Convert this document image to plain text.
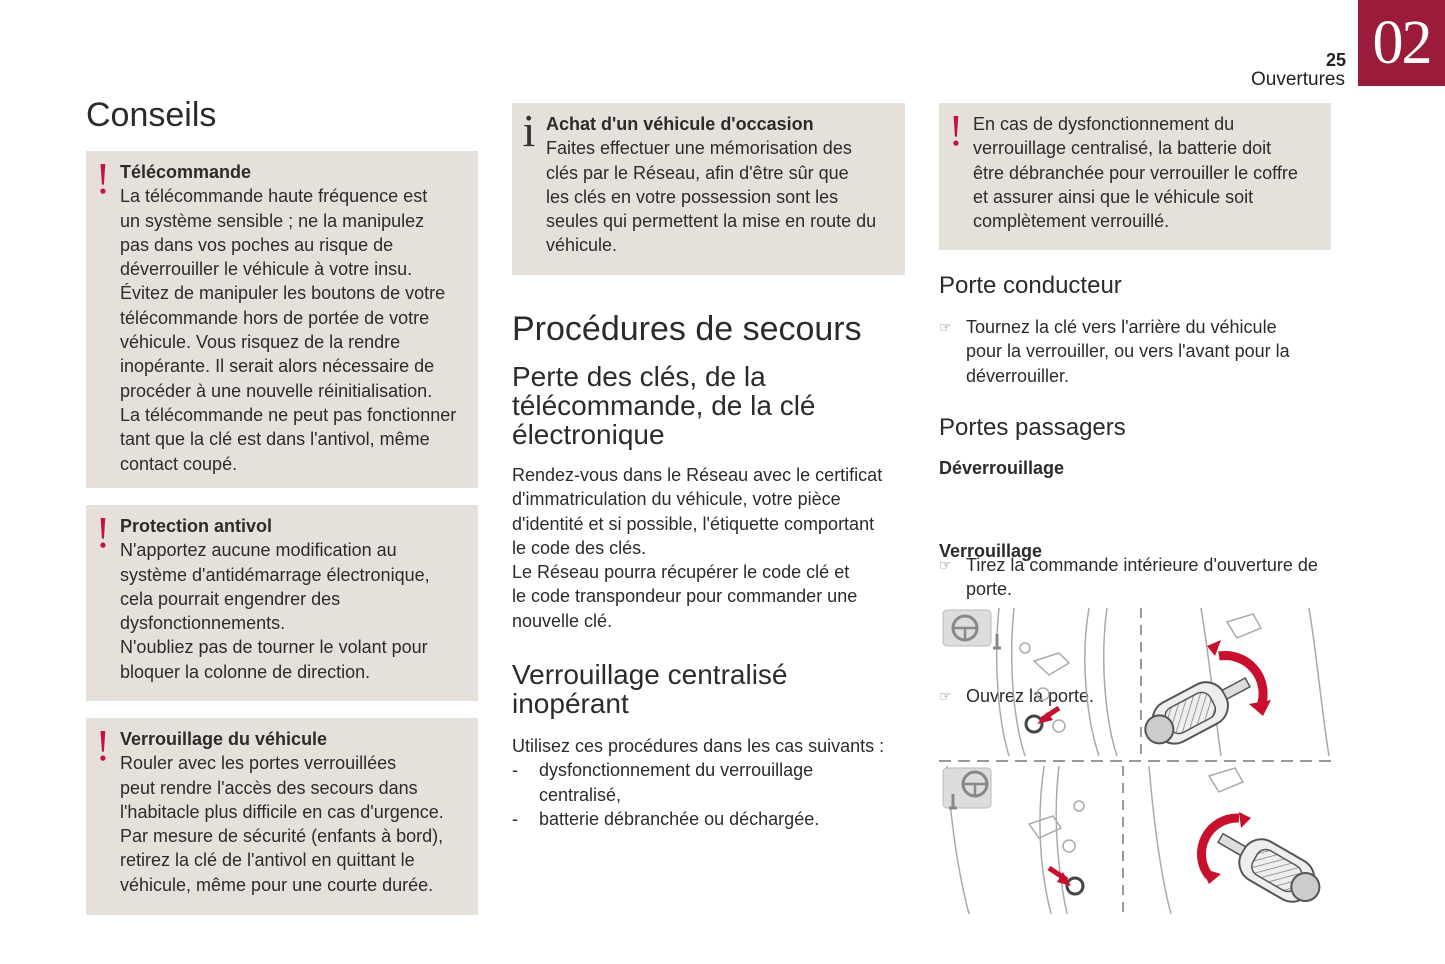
25
Ouvertures
02
Conseils
! Télécommande
La télécommande haute fréquence est
un système sensible ; ne la manipulez
pas dans vos poches au risque de
déverrouiller le véhicule à votre insu.
Évitez de manipuler les boutons de votre
télécommande hors de portée de votre
véhicule. Vous risquez de la rendre
inopérante. Il serait alors nécessaire de
procéder à une nouvelle réinitialisation.
La télécommande ne peut pas fonctionner
tant que la clé est dans l'antivol, même
contact coupé.
! Protection antivol
N'apportez aucune modification au
système d'antidémarrage électronique,
cela pourrait engendrer des
dysfonctionnements.
N'oubliez pas de tourner le volant pour
bloquer la colonne de direction.
! Verrouillage du véhicule
Rouler avec les portes verrouillées
peut rendre l'accès des secours dans
l'habitacle plus difficile en cas d'urgence.
Par mesure de sécurité (enfants à bord),
retirez la clé de l'antivol en quittant le
véhicule, même pour une courte durée.
i Achat d'un véhicule d'occasion
Faites effectuer une mémorisation des
clés par le Réseau, afin d'être sûr que
les clés en votre possession sont les
seules qui permettent la mise en route du
véhicule.
Procédures de secours
Perte des clés, de la
télécommande, de la clé
électronique
Rendez-vous dans le Réseau avec le certificat
d'immatriculation du véhicule, votre pièce
d'identité et si possible, l'étiquette comportant
le code des clés.
Le Réseau pourra récupérer le code clé et
le code transpondeur pour commander une
nouvelle clé.
Verrouillage centralisé
inopérant
Utilisez ces procédures dans les cas suivants :
- dysfonctionnement du verrouillage
centralisé,
- batterie débranchée ou déchargée.
! En cas de dysfonctionnement du
verrouillage centralisé, la batterie doit
être débranchée pour verrouiller le coffre
et assurer ainsi que le véhicule soit
complètement verrouillé.
Porte conducteur
☞ Tournez la clé vers l'arrière du véhicule
pour la verrouiller, ou vers l'avant pour la
déverrouiller.
Portes passagers
Déverrouillage
☞ Tirez la commande intérieure d'ouverture de
porte.
Verrouillage
☞ Ouvrez la porte.
